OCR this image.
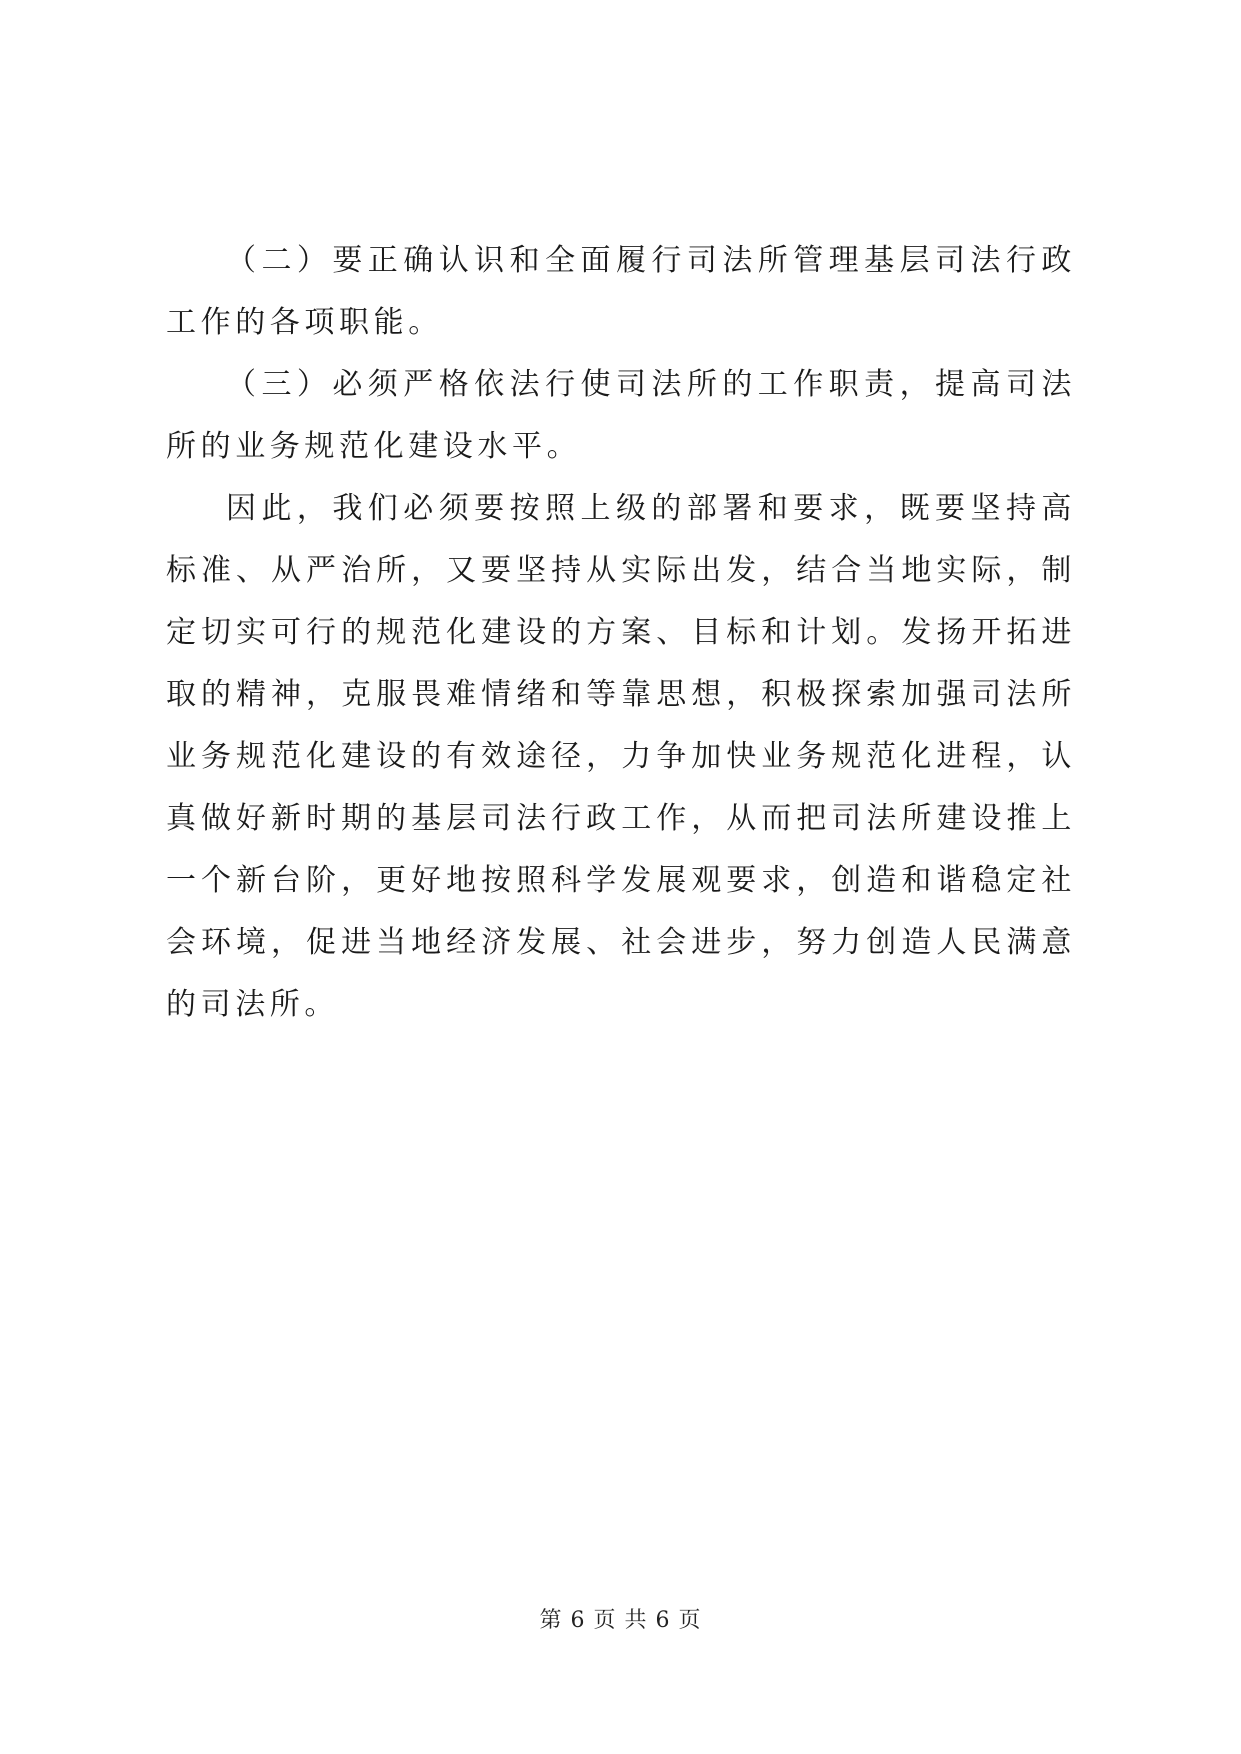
（二）要正确认识和全面履行司法所管理基层司法行政工作的各项职能。

（三）必须严格依法行使司法所的工作职责，提高司法所的业务规范化建设水平。

因此，我们必须要按照上级的部署和要求，既要坚持高标准、从严治所，又要坚持从实际出发，结合当地实际，制定切实可行的规范化建设的方案、目标和计划。发扬开拓进取的精神，克服畏难情绪和等靠思想，积极探索加强司法所业务规范化建设的有效途径，力争加快业务规范化进程，认真做好新时期的基层司法行政工作，从而把司法所建设推上一个新台阶，更好地按照科学发展观要求，创造和谐稳定社会环境，促进当地经济发展、社会进步，努力创造人民满意的司法所。

第 6 页 共 6 页
